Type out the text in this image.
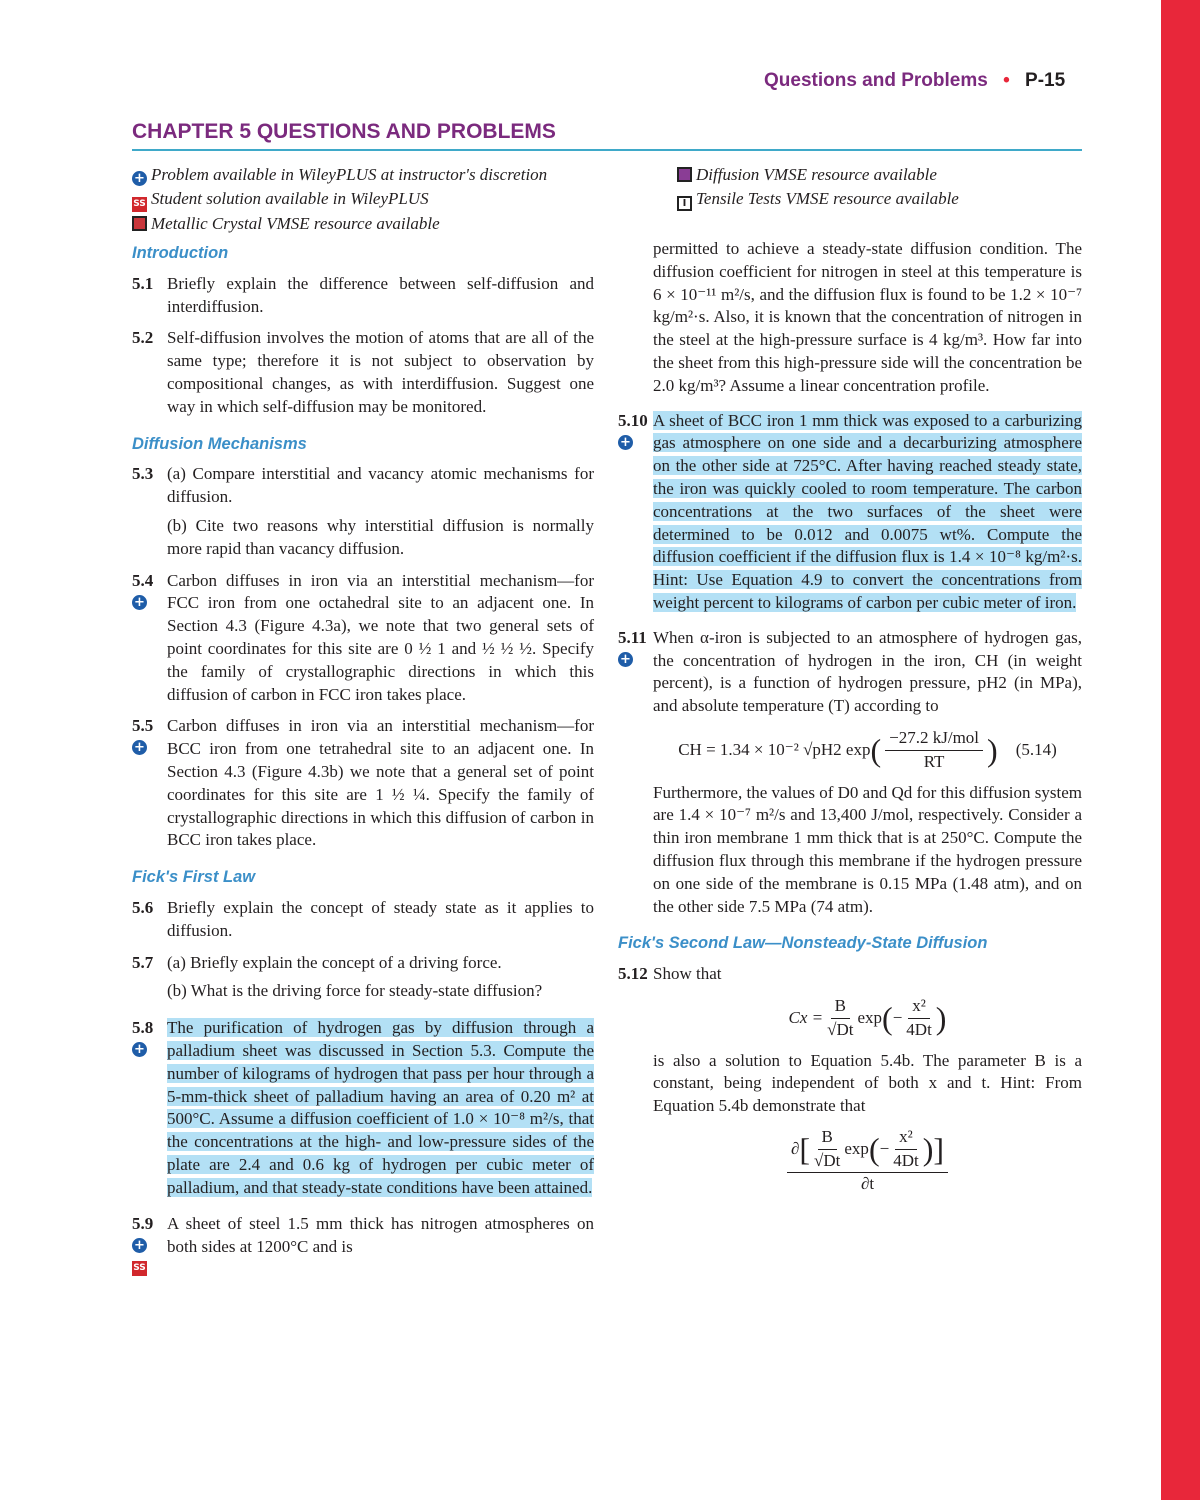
Questions and Problems • P-15
CHAPTER 5 QUESTIONS AND PROBLEMS
+ Problem available in WileyPLUS at instructor's discretion
SS Student solution available in WileyPLUS
Metallic Crystal VMSE resource available
Diffusion VMSE resource available
I Tensile Tests VMSE resource available
Introduction
5.1 Briefly explain the difference between self-diffusion and interdiffusion.
5.2 Self-diffusion involves the motion of atoms that are all of the same type; therefore it is not subject to observation by compositional changes, as with interdiffusion. Suggest one way in which self-diffusion may be monitored.
Diffusion Mechanisms
5.3 (a) Compare interstitial and vacancy atomic mechanisms for diffusion.
(b) Cite two reasons why interstitial diffusion is normally more rapid than vacancy diffusion.
5.4
+
Carbon diffuses in iron via an interstitial mechanism—for FCC iron from one octahedral site to an adjacent one. In Section 4.3 (Figure 4.3a), we note that two general sets of point coordinates for this site are 0 ½ 1 and ½ ½ ½. Specify the family of crystallographic directions in which this diffusion of carbon in FCC iron takes place.
5.5
+
Carbon diffuses in iron via an interstitial mechanism—for BCC iron from one tetrahedral site to an adjacent one. In Section 4.3 (Figure 4.3b) we note that a general set of point coordinates for this site are 1 ½ ¼. Specify the family of crystallographic directions in which this diffusion of carbon in BCC iron takes place.
Fick's First Law
5.6 Briefly explain the concept of steady state as it applies to diffusion.
5.7 (a) Briefly explain the concept of a driving force.
(b) What is the driving force for steady-state diffusion?
5.8
+
The purification of hydrogen gas by diffusion through a palladium sheet was discussed in Section 5.3. Compute the number of kilograms of hydrogen that pass per hour through a 5-mm-thick sheet of palladium having an area of 0.20 m² at 500°C. Assume a diffusion coefficient of 1.0 × 10⁻⁸ m²/s, that the concentrations at the high- and low-pressure sides of the plate are 2.4 and 0.6 kg of hydrogen per cubic meter of palladium, and that steady-state conditions have been attained.
5.9
+
SS
A sheet of steel 1.5 mm thick has nitrogen atmospheres on both sides at 1200°C and is
permitted to achieve a steady-state diffusion condition. The diffusion coefficient for nitrogen in steel at this temperature is 6 × 10⁻¹¹ m²/s, and the diffusion flux is found to be 1.2 × 10⁻⁷ kg/m²·s. Also, it is known that the concentration of nitrogen in the steel at the high-pressure surface is 4 kg/m³. How far into the sheet from this high-pressure side will the concentration be 2.0 kg/m³? Assume a linear concentration profile.
5.10
+
A sheet of BCC iron 1 mm thick was exposed to a carburizing gas atmosphere on one side and a decarburizing atmosphere on the other side at 725°C. After having reached steady state, the iron was quickly cooled to room temperature. The carbon concentrations at the two surfaces of the sheet were determined to be 0.012 and 0.0075 wt%. Compute the diffusion coefficient if the diffusion flux is 1.4 × 10⁻⁸ kg/m²·s. Hint: Use Equation 4.9 to convert the concentrations from weight percent to kilograms of carbon per cubic meter of iron.
5.11
+
When α-iron is subjected to an atmosphere of hydrogen gas, the concentration of hydrogen in the iron, CH (in weight percent), is a function of hydrogen pressure, pH2 (in MPa), and absolute temperature (T) according to
CH = 1.34 × 10⁻² √pH2 exp ( $\frac{\text{−27.2 kJ/mol}}{RT}$ ) (5.14)
Furthermore, the values of D0 and Qd for this diffusion system are 1.4 × 10⁻⁷ m²/s and 13,400 J/mol, respectively. Consider a thin iron membrane 1 mm thick that is at 250°C. Compute the diffusion flux through this membrane if the hydrogen pressure on one side of the membrane is 0.15 MPa (1.48 atm), and on the other side 7.5 MPa (74 atm).
Fick's Second Law—Nonsteady-State Diffusion
5.12 Show that
$Cx = \frac{B}{√Dt}$ exp ( − $\frac{\text{x²}}{4Dt}$ )
is also a solution to Equation 5.4b. The parameter B is a constant, being independent of both x and t. Hint: From Equation 5.4b demonstrate that
∂ [ $\frac{B}{√Dt}$ exp ( − $\frac{\text{x²}}{4Dt}$ ) ]
∂t
